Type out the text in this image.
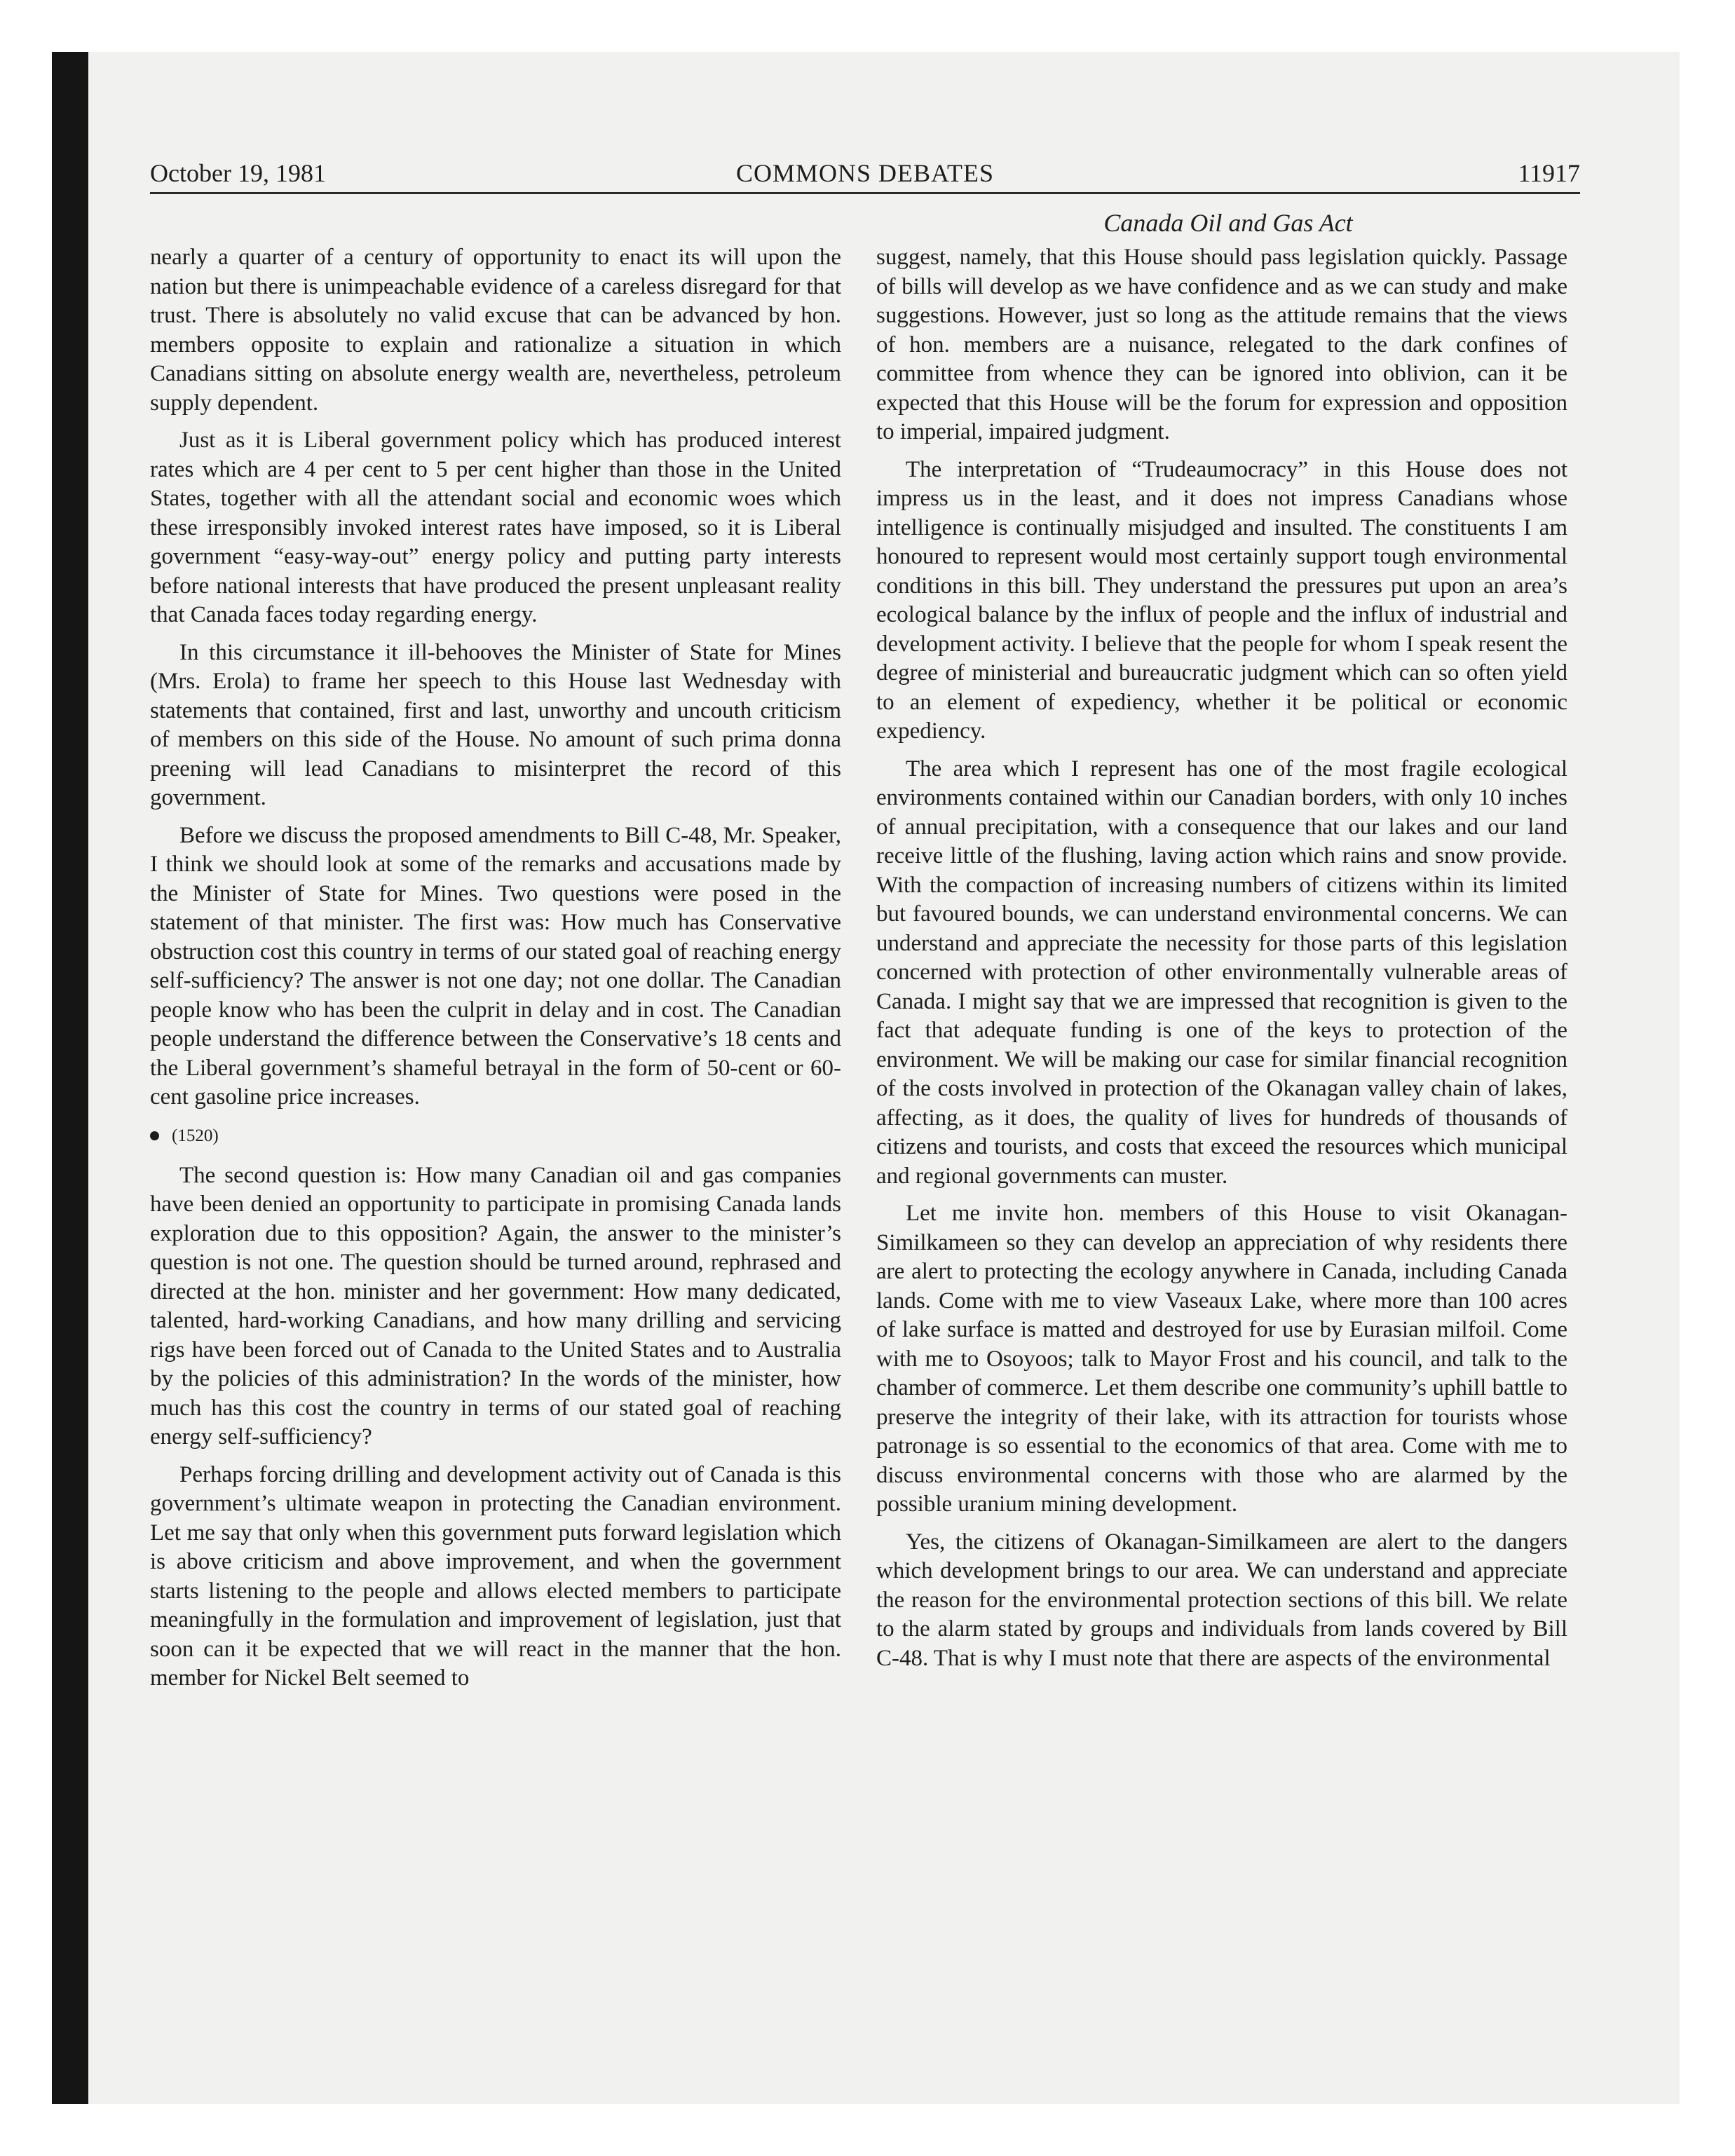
October 19, 1981	COMMONS DEBATES	11917
Canada Oil and Gas Act

nearly a quarter of a century of opportunity to enact its will upon the nation but there is unimpeachable evidence of a careless disregard for that trust. There is absolutely no valid excuse that can be advanced by hon. members opposite to explain and rationalize a situation in which Canadians sitting on absolute energy wealth are, nevertheless, petroleum supply dependent.

Just as it is Liberal government policy which has produced interest rates which are 4 per cent to 5 per cent higher than those in the United States, together with all the attendant social and economic woes which these irresponsibly invoked interest rates have imposed, so it is Liberal government “easy-way-out” energy policy and putting party interests before national interests that have produced the present unpleasant reality that Canada faces today regarding energy.

In this circumstance it ill-behooves the Minister of State for Mines (Mrs. Erola) to frame her speech to this House last Wednesday with statements that contained, first and last, unworthy and uncouth criticism of members on this side of the House. No amount of such prima donna preening will lead Canadians to misinterpret the record of this government.

Before we discuss the proposed amendments to Bill C-48, Mr. Speaker, I think we should look at some of the remarks and accusations made by the Minister of State for Mines. Two questions were posed in the statement of that minister. The first was: How much has Conservative obstruction cost this country in terms of our stated goal of reaching energy self-sufficiency? The answer is not one day; not one dollar. The Canadian people know who has been the culprit in delay and in cost. The Canadian people understand the difference between the Conservative’s 18 cents and the Liberal government’s shameful betrayal in the form of 50-cent or 60-cent gasoline price increases.

(1520)

The second question is: How many Canadian oil and gas companies have been denied an opportunity to participate in promising Canada lands exploration due to this opposition? Again, the answer to the minister’s question is not one. The question should be turned around, rephrased and directed at the hon. minister and her government: How many dedicated, talented, hard-working Canadians, and how many drilling and servicing rigs have been forced out of Canada to the United States and to Australia by the policies of this administration? In the words of the minister, how much has this cost the country in terms of our stated goal of reaching energy self-sufficiency?

Perhaps forcing drilling and development activity out of Canada is this government’s ultimate weapon in protecting the Canadian environment. Let me say that only when this government puts forward legislation which is above criticism and above improvement, and when the government starts listening to the people and allows elected members to participate meaningfully in the formulation and improvement of legislation, just that soon can it be expected that we will react in the manner that the hon. member for Nickel Belt seemed to

suggest, namely, that this House should pass legislation quickly. Passage of bills will develop as we have confidence and as we can study and make suggestions. However, just so long as the attitude remains that the views of hon. members are a nuisance, relegated to the dark confines of committee from whence they can be ignored into oblivion, can it be expected that this House will be the forum for expression and opposition to imperial, impaired judgment.

The interpretation of “Trudeaumocracy” in this House does not impress us in the least, and it does not impress Canadians whose intelligence is continually misjudged and insulted. The constituents I am honoured to represent would most certainly support tough environmental conditions in this bill. They understand the pressures put upon an area’s ecological balance by the influx of people and the influx of industrial and development activity. I believe that the people for whom I speak resent the degree of ministerial and bureaucratic judgment which can so often yield to an element of expediency, whether it be political or economic expediency.

The area which I represent has one of the most fragile ecological environments contained within our Canadian borders, with only 10 inches of annual precipitation, with a consequence that our lakes and our land receive little of the flushing, laving action which rains and snow provide. With the compaction of increasing numbers of citizens within its limited but favoured bounds, we can understand environmental concerns. We can understand and appreciate the necessity for those parts of this legislation concerned with protection of other environmentally vulnerable areas of Canada. I might say that we are impressed that recognition is given to the fact that adequate funding is one of the keys to protection of the environment. We will be making our case for similar financial recognition of the costs involved in protection of the Okanagan valley chain of lakes, affecting, as it does, the quality of lives for hundreds of thousands of citizens and tourists, and costs that exceed the resources which municipal and regional governments can muster.

Let me invite hon. members of this House to visit Okanagan-Similkameen so they can develop an appreciation of why residents there are alert to protecting the ecology anywhere in Canada, including Canada lands. Come with me to view Vaseaux Lake, where more than 100 acres of lake surface is matted and destroyed for use by Eurasian milfoil. Come with me to Osoyoos; talk to Mayor Frost and his council, and talk to the chamber of commerce. Let them describe one community’s uphill battle to preserve the integrity of their lake, with its attraction for tourists whose patronage is so essential to the economics of that area. Come with me to discuss environmental concerns with those who are alarmed by the possible uranium mining development.

Yes, the citizens of Okanagan-Similkameen are alert to the dangers which development brings to our area. We can understand and appreciate the reason for the environmental protection sections of this bill. We relate to the alarm stated by groups and individuals from lands covered by Bill C-48. That is why I must note that there are aspects of the environmental
